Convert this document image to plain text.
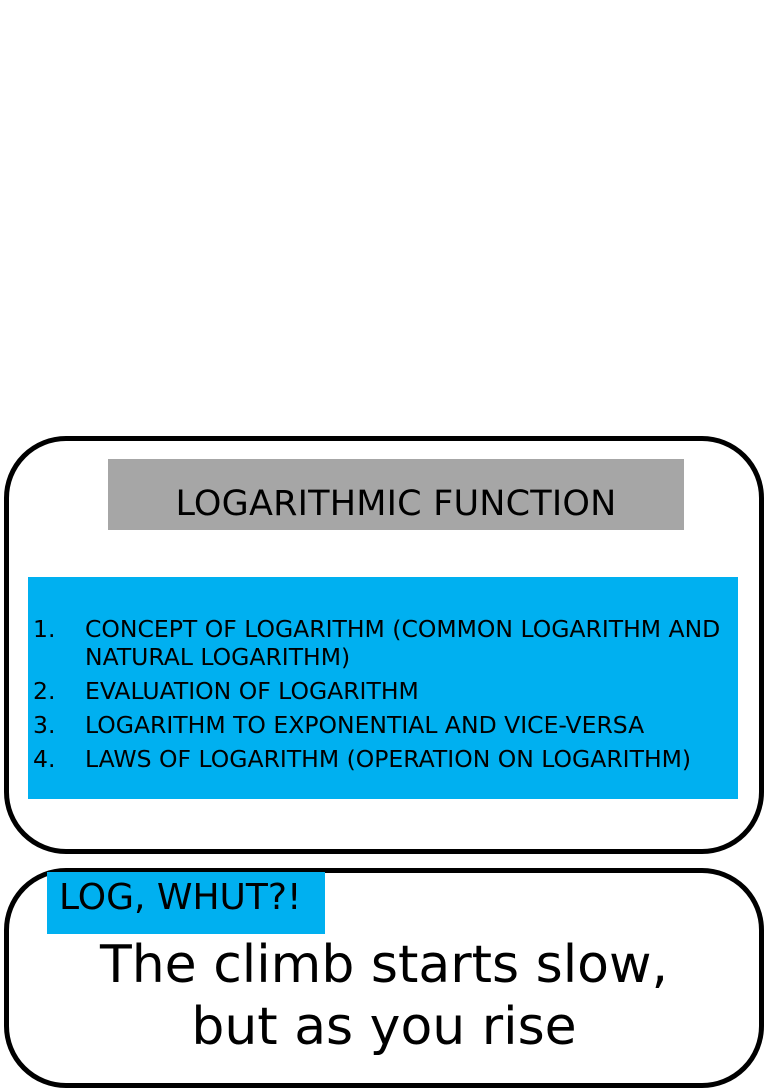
LOGARITHMIC FUNCTION
1. CONCEPT OF LOGARITHM (COMMON LOGARITHM AND NATURAL LOGARITHM)
2. EVALUATION OF LOGARITHM
3. LOGARITHM TO EXPONENTIAL AND VICE-VERSA
4. LAWS OF LOGARITHM (OPERATION ON LOGARITHM)
LOG, WHUT?!
The climb starts slow,
but as you rise
